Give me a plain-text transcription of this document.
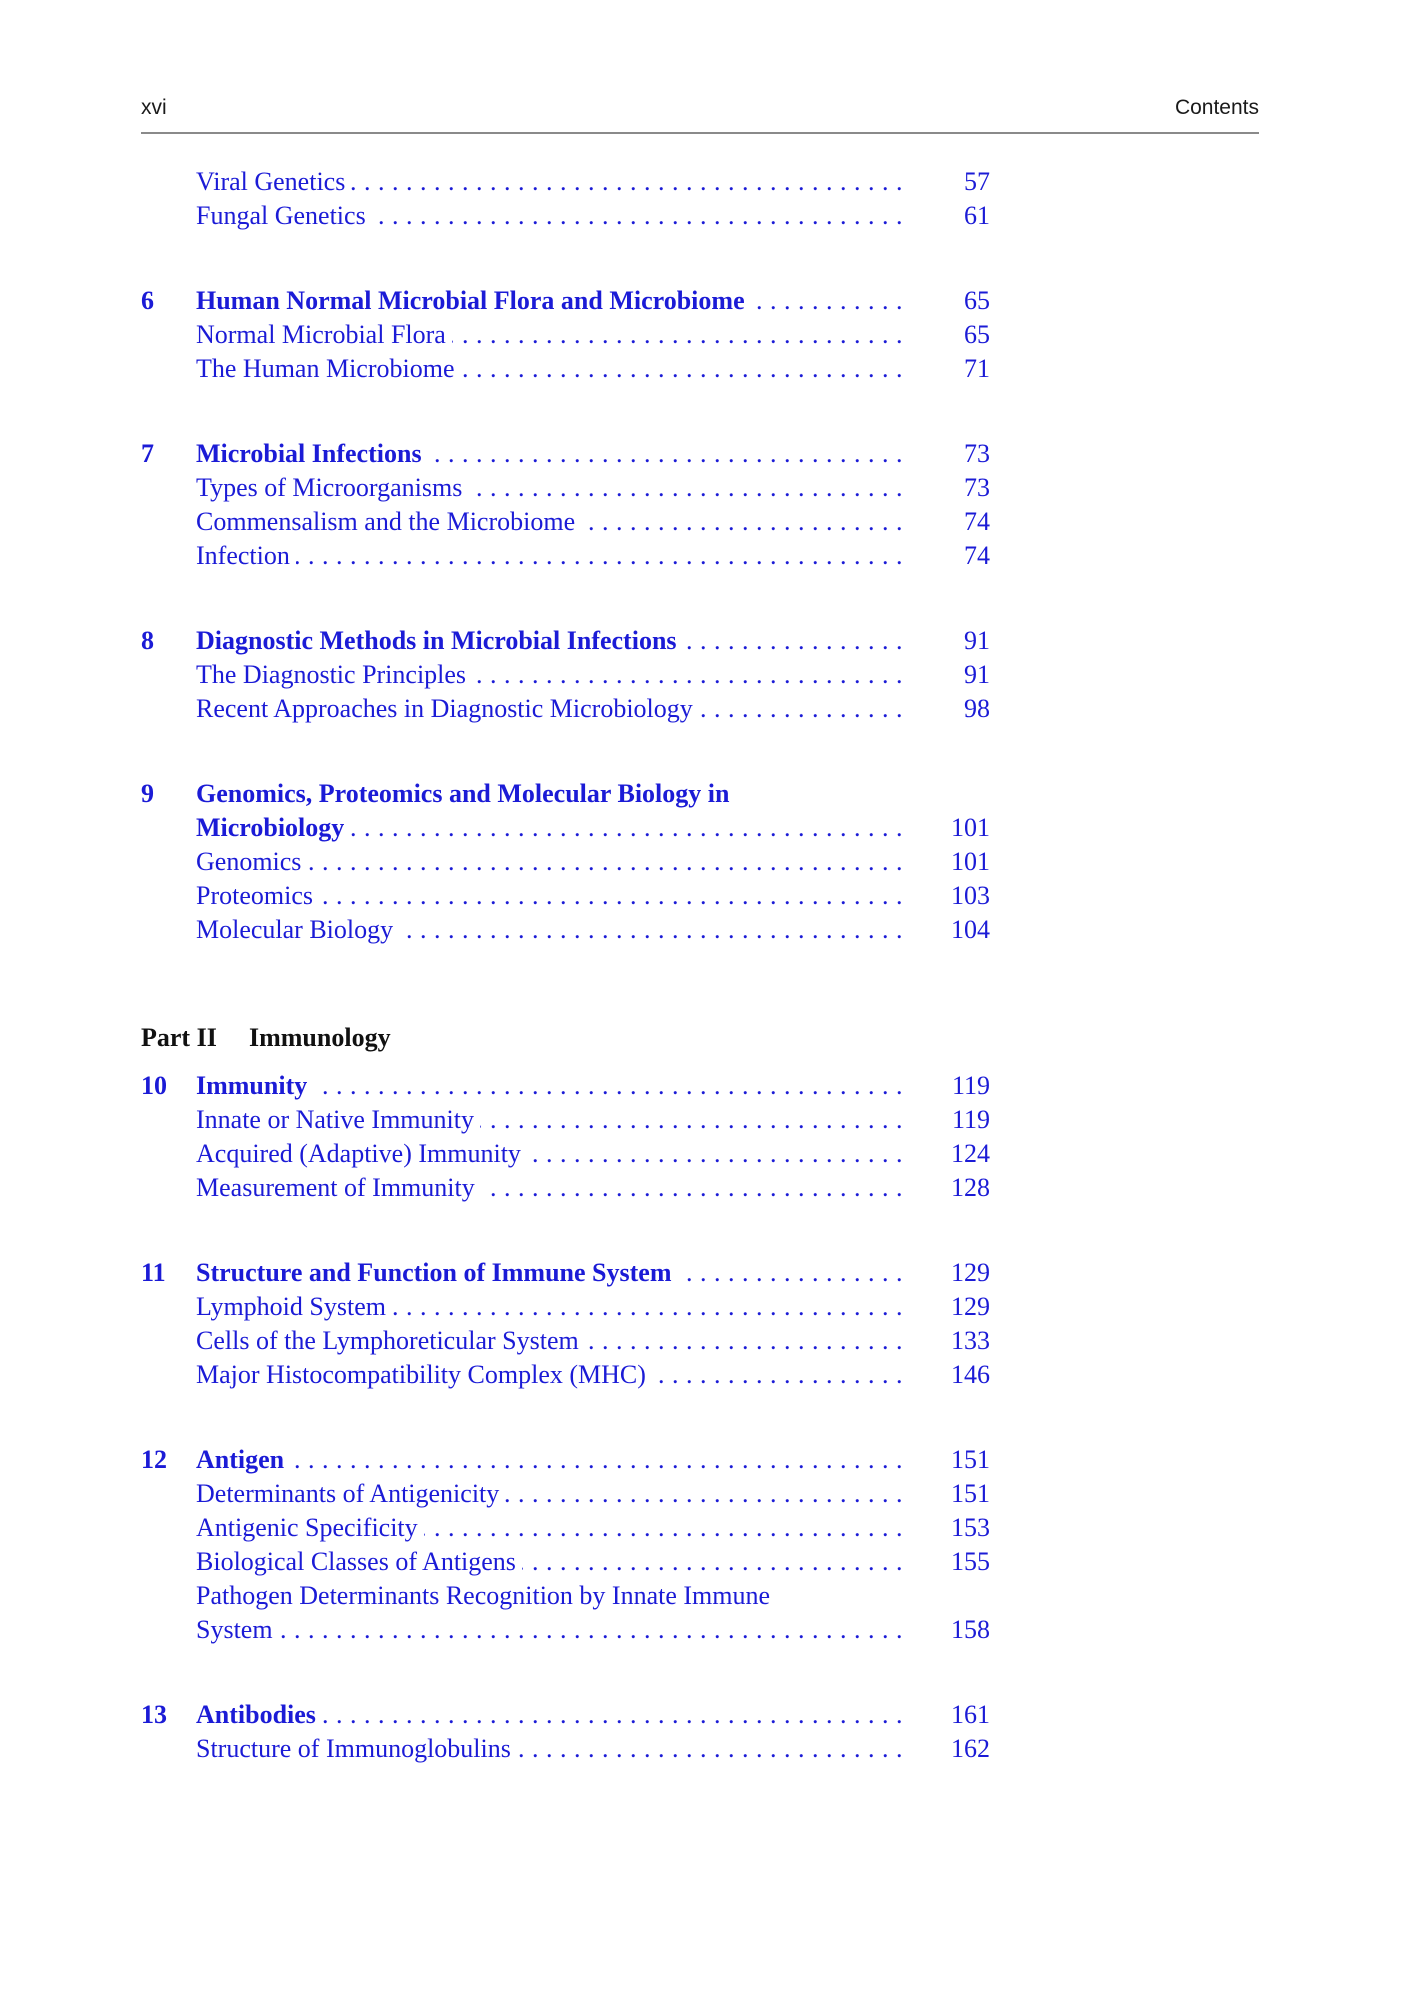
xvi	Contents
Part II Immunology
Viral Genetics . . .	57
Fungal Genetics . . .	61
6 Human Normal Microbial Flora and Microbiome . . .	65
Normal Microbial Flora . . .	65
The Human Microbiome . . .	71
7 Microbial Infections . . .	73
Types of Microorganisms . . .	73
Commensalism and the Microbiome . . .	74
Infection . . .	74
8 Diagnostic Methods in Microbial Infections . . .	91
The Diagnostic Principles . . .	91
Recent Approaches in Diagnostic Microbiology . . .	98
9 Genomics, Proteomics and Molecular Biology in
Microbiology . . .	101
Genomics . . .	101
Proteomics . . .	103
Molecular Biology . . .	104
10 Immunity . . .	119
Innate or Native Immunity . . .	119
Acquired (Adaptive) Immunity . . .	124
Measurement of Immunity . . .	128
11 Structure and Function of Immune System . . .	129
Lymphoid System . . .	129
Cells of the Lymphoreticular System . . .	133
Major Histocompatibility Complex (MHC) . . .	146
12 Antigen . . .	151
Determinants of Antigenicity . . .	151
Antigenic Specificity . . .	153
Biological Classes of Antigens . . .	155
Pathogen Determinants Recognition by Innate Immune
System . . .	158
13 Antibodies . . .	161
Structure of Immunoglobulins . . .	162
